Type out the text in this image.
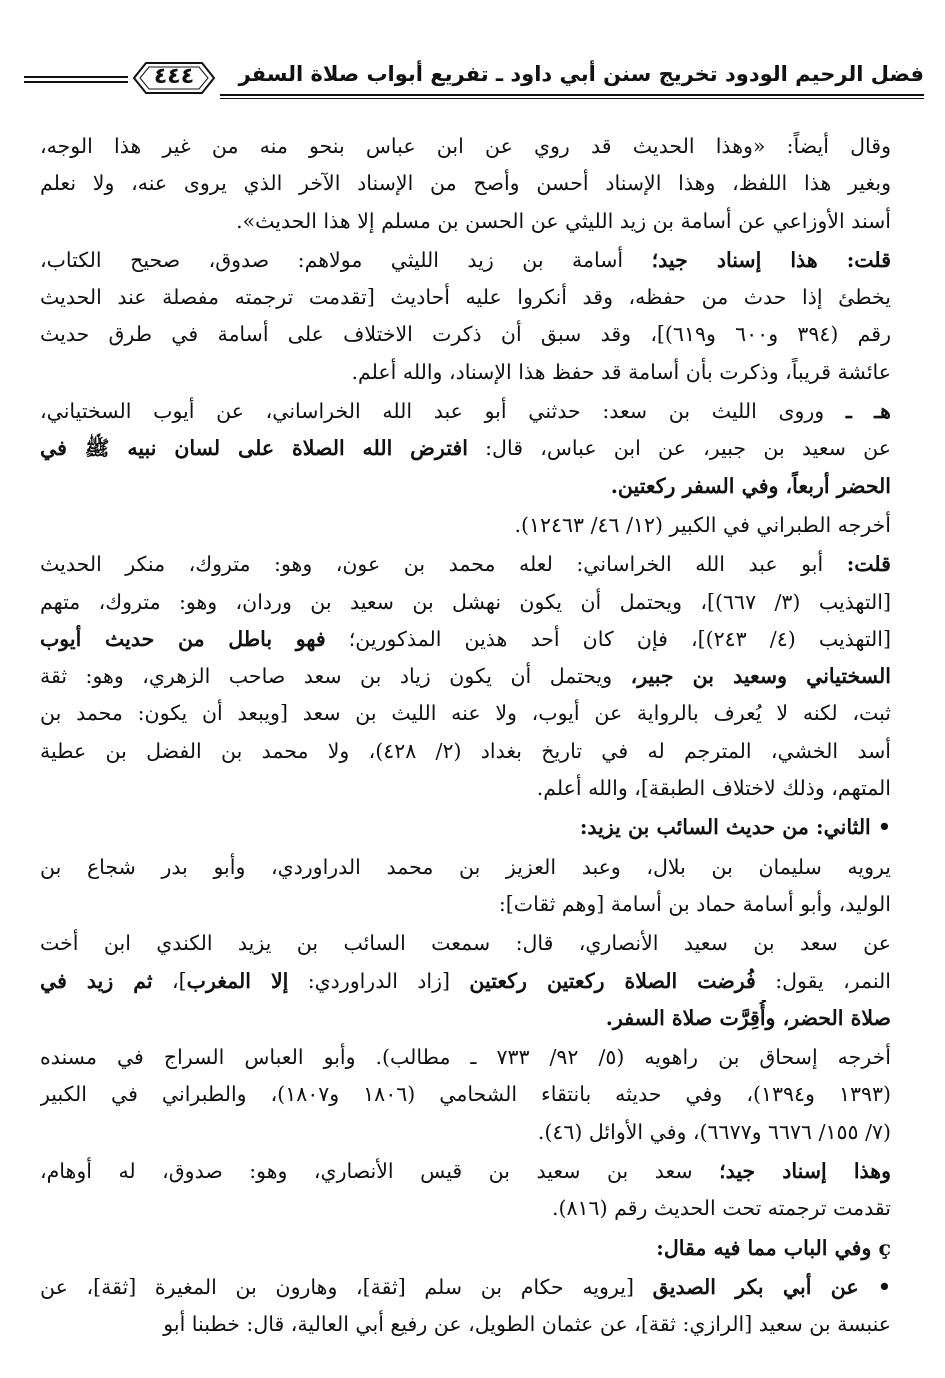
فضل الرحيم الودود تخريج سنن أبي داود ـ تفريع أبواب صلاة السفر
٤٤٤
وقال أيضاً: «وهذا الحديث قد روي عن ابن عباس بنحو منه من غير هذا الوجه،
وبغير هذا اللفظ، وهذا الإسناد أحسن وأصح من الإسناد الآخر الذي يروى عنه، ولا نعلم
أسند الأوزاعي عن أسامة بن زيد الليثي عن الحسن بن مسلم إلا هذا الحديث».
قلت: هذا إسناد جيد؛ أسامة بن زيد الليثي مولاهم: صدوق، صحيح الكتاب،
يخطئ إذا حدث من حفظه، وقد أنكروا عليه أحاديث [تقدمت ترجمته مفصلة عند الحديث
رقم (٣٩٤ و٦٠٠ و٦١٩)]، وقد سبق أن ذكرت الاختلاف على أسامة في طرق حديث
عائشة قريباً، وذكرت بأن أسامة قد حفظ هذا الإسناد، والله أعلم.
هـ ـ وروى الليث بن سعد: حدثني أبو عبد الله الخراساني، عن أيوب السختياني،
عن سعيد بن جبير، عن ابن عباس، قال: افترض الله الصلاة على لسان نبيه ﷺ في
الحضر أربعاً، وفي السفر ركعتين.
أخرجه الطبراني في الكبير (١٢/ ٤٦/ ١٢٤٦٣).
قلت: أبو عبد الله الخراساني: لعله محمد بن عون، وهو: متروك، منكر الحديث
[التهذيب (٣/ ٦٦٧)]، ويحتمل أن يكون نهشل بن سعيد بن وردان، وهو: متروك، متهم
[التهذيب (٤/ ٢٤٣)]، فإن كان أحد هذين المذكورين؛ فهو باطل من حديث أيوب
السختياني وسعيد بن جبير، ويحتمل أن يكون زياد بن سعد صاحب الزهري، وهو: ثقة
ثبت، لكنه لا يُعرف بالرواية عن أيوب، ولا عنه الليث بن سعد [ويبعد أن يكون: محمد بن
أسد الخشي، المترجم له في تاريخ بغداد (٢/ ٤٢٨)، ولا محمد بن الفضل بن عطية
المتهم، وذلك لاختلاف الطبقة]، والله أعلم.
• الثاني: من حديث السائب بن يزيد:
يرويه سليمان بن بلال، وعبد العزيز بن محمد الدراوردي، وأبو بدر شجاع بن
الوليد، وأبو أسامة حماد بن أسامة [وهم ثقات]:
عن سعد بن سعيد الأنصاري، قال: سمعت السائب بن يزيد الكندي ابن أخت
النمر، يقول: فُرضت الصلاة ركعتين ركعتين [زاد الدراوردي: إلا المغرب]، ثم زيد في
صلاة الحضر، وأُقِرَّت صلاة السفر.
أخرجه إسحاق بن راهويه (٥/ ٩٢/ ٧٣٣ ـ مطالب). وأبو العباس السراج في مسنده
(١٣٩٣ و١٣٩٤)، وفي حديثه بانتقاء الشحامي (١٨٠٦ و١٨٠٧)، والطبراني في الكبير
(٧/ ١٥٥/ ٦٦٧٦ و٦٦٧٧)، وفي الأوائل (٤٦).
وهذا إسناد جيد؛ سعد بن سعيد بن قيس الأنصاري، وهو: صدوق، له أوهام،
تقدمت ترجمته تحت الحديث رقم (٨١٦).
ç وفي الباب مما فيه مقال:
• عن أبي بكر الصديق [يرويه حكام بن سلم [ثقة]، وهارون بن المغيرة [ثقة]، عن
عنبسة بن سعيد [الرازي: ثقة]، عن عثمان الطويل، عن رفيع أبي العالية، قال: خطبنا أبو
